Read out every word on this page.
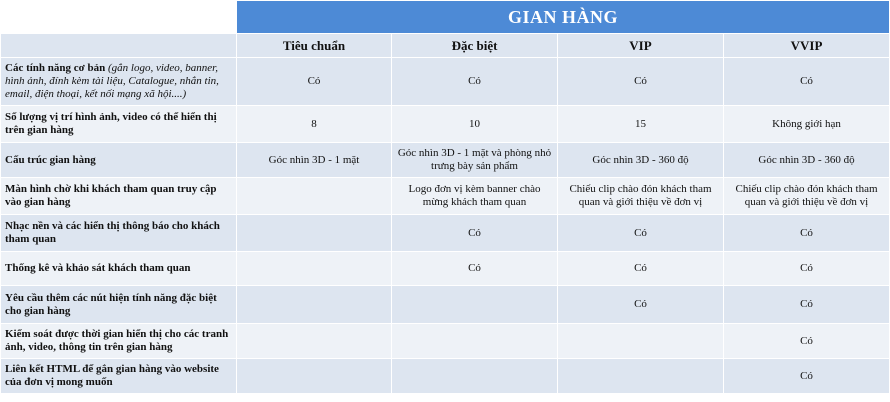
	GIAN HÀNG			
	Tiêu chuẩn	Đặc biệt	VIP	VVIP
Các tính năng cơ bản (gắn logo, video, banner, hình ảnh, đính kèm tài liệu, Catalogue, nhắn tin, email, điện thoại, kết nối mạng xã hội....)	Có	Có	Có	Có
Số lượng vị trí hình ảnh, video có thể hiển thị trên gian hàng	8	10	15	Không giới hạn
Cấu trúc gian hàng	Góc nhìn 3D - 1 mặt	Góc nhìn 3D - 1 mặt và phòng nhỏ trưng bày sản phẩm	Góc nhìn 3D - 360 độ	Góc nhìn 3D - 360 độ
Màn hình chờ khi khách tham quan truy cập vào gian hàng		Logo đơn vị kèm banner chào mừng khách tham quan	Chiếu clip chào đón khách tham quan và giới thiệu về đơn vị	Chiếu clip chào đón khách tham quan và giới thiệu về đơn vị
Nhạc nền và các hiển thị thông báo cho khách tham quan		Có	Có	Có
Thống kê và khảo sát khách tham quan		Có	Có	Có
Yêu cầu thêm các nút hiện tính năng đặc biệt cho gian hàng			Có	Có
Kiểm soát được thời gian hiển thị cho các tranh ảnh, video, thông tin trên gian hàng				Có
Liên kết HTML để gắn gian hàng vào website của đơn vị mong muốn				Có
